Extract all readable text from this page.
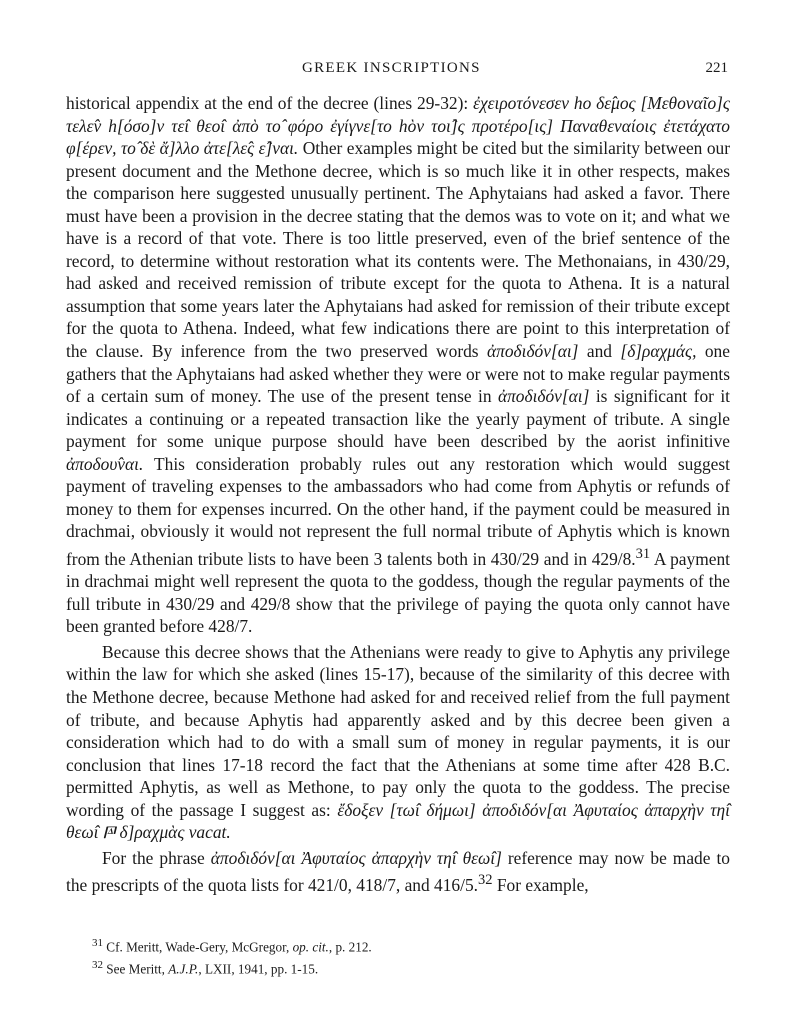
GREEK INSCRIPTIONS	221

historical appendix at the end of the decree (lines 29-32): ἐχειροτόνεσεν hο δε̂μος [Μεθοναῖο]ς τελε̂ν h[όσο]ν τε̂ι θεο̂ι ἀπὸ το̂ φόρο ἐγίγνε[το hὸν τοι̂]ς προτέρο[ις] Παναθεναίοις ἐτετάχατο φ[έρεν, το̂ δὲ ἄ]λλο ἀτε[λε̂ς ε̂]ναι. Other examples might be cited but the similarity between our present document and the Methone decree, which is so much like it in other respects, makes the comparison here suggested unusually pertinent. The Aphytaians had asked a favor. There must have been a provision in the decree stating that the demos was to vote on it; and what we have is a record of that vote. There is too little preserved, even of the brief sentence of the record, to determine without restoration what its contents were. The Methonaians, in 430/29, had asked and received remission of tribute except for the quota to Athena. It is a natural assumption that some years later the Aphytaians had asked for remission of their tribute except for the quota to Athena. Indeed, what few indications there are point to this interpretation of the clause. By inference from the two preserved words ἀποδιδόν[αι] and [δ]ραχμάς, one gathers that the Aphytaians had asked whether they were or were not to make regular payments of a certain sum of money. The use of the present tense in ἀποδιδόν[αι] is significant for it indicates a continuing or a repeated transaction like the yearly payment of tribute. A single payment for some unique purpose should have been described by the aorist infinitive ἀποδου̂ναι. This consideration probably rules out any restoration which would suggest payment of traveling expenses to the ambassadors who had come from Aphytis or refunds of money to them for expenses incurred. On the other hand, if the payment could be measured in drachmai, obviously it would not represent the full normal tribute of Aphytis which is known from the Athenian tribute lists to have been 3 talents both in 430/29 and in 429/8.31 A payment in drachmai might well represent the quota to the goddess, though the regular payments of the full tribute in 430/29 and 429/8 show that the privilege of paying the quota only cannot have been granted before 428/7.

Because this decree shows that the Athenians were ready to give to Aphytis any privilege within the law for which she asked (lines 15-17), because of the similarity of this decree with the Methone decree, because Methone had asked for and received relief from the full payment of tribute, and because Aphytis had apparently asked and by this decree been given a consideration which had to do with a small sum of money in regular payments, it is our conclusion that lines 17-18 record the fact that the Athenians at some time after 428 B.C. permitted Aphytis, as well as Methone, to pay only the quota to the goddess. The precise wording of the passage I suggest as: ἔδοξεν [τω̂ι δήμωι] ἀποδιδόν[αι Ἀφυταίος ἀπαρχὴν τη̂ι θεω̂ι 𐅄 δ]ραχμὰς vacat.

For the phrase ἀποδιδόν[αι Ἀφυταίος ἀπαρχὴν τη̂ι θεω̂ι] reference may now be made to the prescripts of the quota lists for 421/0, 418/7, and 416/5.32 For example,

$^{31}$ Cf. Meritt, Wade-Gery, McGregor, op. cit., p. 212.

$^{32}$ See Meritt, A.J.P., LXII, 1941, pp. 1-15.
